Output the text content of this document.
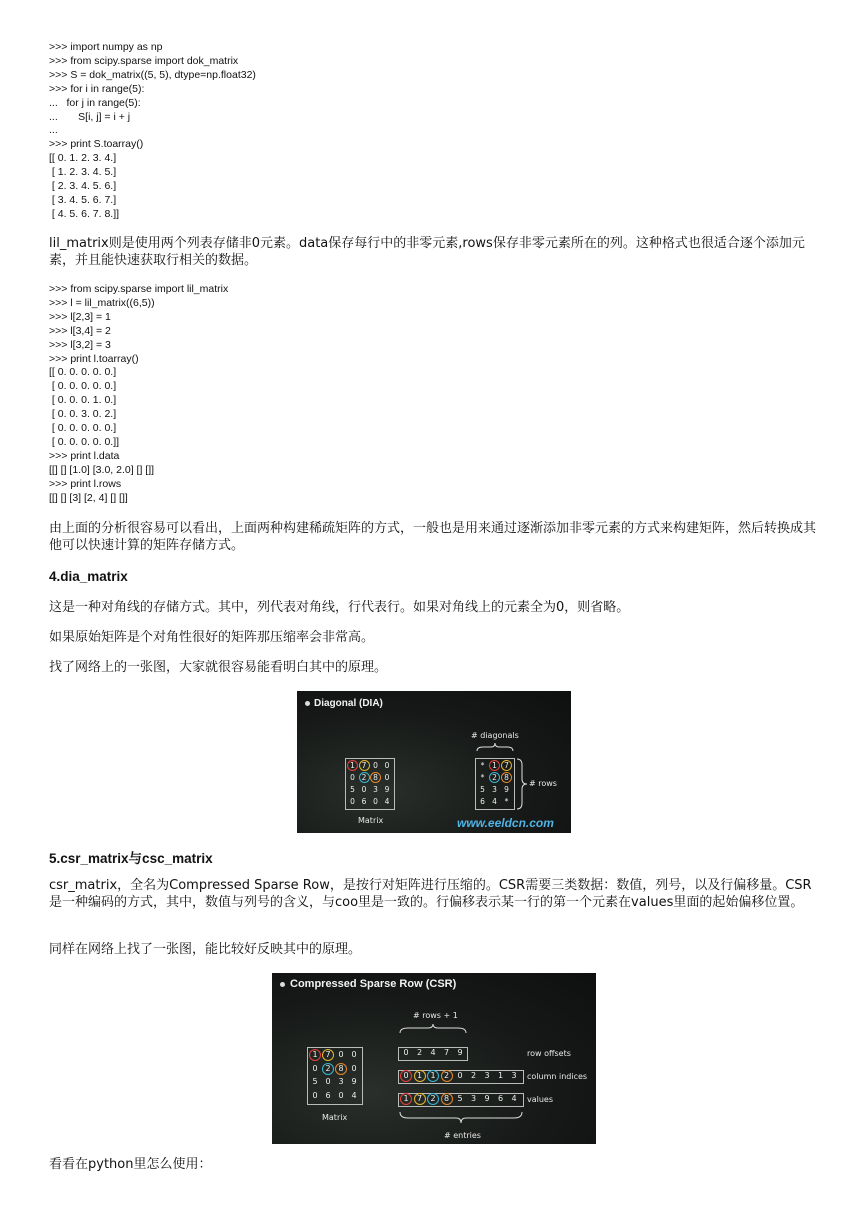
>>> import numpy as np
>>> from scipy.sparse import dok_matrix
>>> S = dok_matrix((5, 5), dtype=np.float32)
>>> for i in range(5):
...   for j in range(5):
...       S[i, j] = i + j
...
>>> print S.toarray()
[[ 0. 1. 2. 3. 4.]
[ 1. 2. 3. 4. 5.]
[ 2. 3. 4. 5. 6.]
[ 3. 4. 5. 6. 7.]
[ 4. 5. 6. 7. 8.]]

lil_matrix则是使用两个列表存储非0元素。data保存每行中的非零元素,rows保存非零元素所在的列。这种格式也很适合逐个添加元素，并且能快速获取行相关的数据。

>>> from scipy.sparse import lil_matrix
>>> l = lil_matrix((6,5))
>>> l[2,3] = 1
>>> l[3,4] = 2
>>> l[3,2] = 3
>>> print l.toarray()
[[ 0. 0. 0. 0. 0.]
[ 0. 0. 0. 0. 0.]
[ 0. 0. 0. 1. 0.]
[ 0. 0. 3. 0. 2.]
[ 0. 0. 0. 0. 0.]
[ 0. 0. 0. 0. 0.]]
>>> print l.data
[[] [] [1.0] [3.0, 2.0] [] []]
>>> print l.rows
[[] [] [3] [2, 4] [] []]

由上面的分析很容易可以看出，上面两种构建稀疏矩阵的方式，一般也是用来通过逐渐添加非零元素的方式来构建矩阵，然后转换成其他可以快速计算的矩阵存储方式。

4.dia_matrix

这是一种对角线的存储方式。其中，列代表对角线，行代表行。如果对角线上的元素全为0，则省略。

如果原始矩阵是个对角性很好的矩阵那压缩率会非常高。

找了网络上的一张图，大家就很容易能看明白其中的原理。

Diagonal (DIA)
# diagonals
Matrix
# rows
www.eeldcn.com
1 7 0 0
0 2 8 0
5 0 3 9
0 6 0 4
*	1 7
*	2 8
5 3 9
6 4	*

5.csr_matrix与csc_matrix

csr_matrix，全名为Compressed Sparse Row，是按行对矩阵进行压缩的。CSR需要三类数据：数值，列号，以及行偏移量。CSR是一种编码的方式，其中，数值与列号的含义，与coo里是一致的。行偏移表示某一行的第一个元素在values里面的起始偏移位置。

同样在网络上找了一张图，能比较好反映其中的原理。

Compressed Sparse Row (CSR)
# rows + 1
Matrix
row offsets
column indices
values
# entries
1 7 0 0
0 2 8 0
5 0 3 9
0 6 0 4
0	2	4	7	9
0	1	1	2	0	2	3	1	3
1	7	2	8	5	3	9	6	4

看看在python里怎么使用：
